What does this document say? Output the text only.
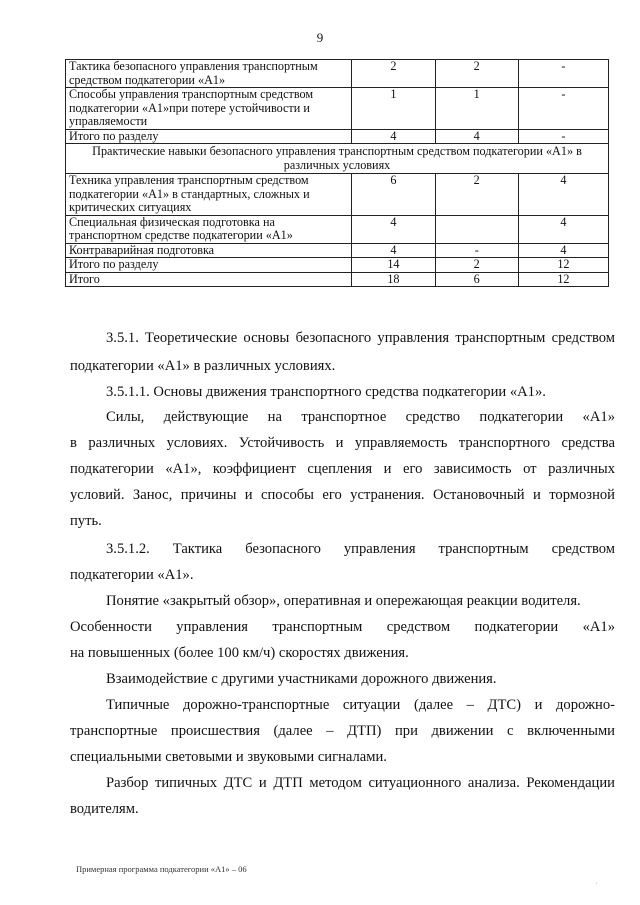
9
Тактика безопасного управления транспортным средством подкатегории «А1»	2	2	-
Способы управления транспортным средством подкатегории «А1»при потере устойчивости и управляемости	1	1	-
Итого по разделу	4	4	-
Практические навыки безопасного управления транспортным средством подкатегории «А1» в различных условиях			
Техника управления транспортным средством подкатегории «А1» в стандартных, сложных и критических ситуациях	6	2	4
Специальная физическая подготовка на транспортном средстве подкатегории «А1»	4		4
Контраварийная подготовка	4	-	4
Итого по разделу	14	2	12
Итого	18	6	12

3.5.1. Теоретические основы безопасного управления транспортным средством

подкатегории «А1» в различных условиях.

3.5.1.1. Основы движения транспортного средства подкатегории «А1».

Силы, действующие на транспортное средство подкатегории «А1»

в различных условиях. Устойчивость и управляемость транспортного средства

подкатегории «А1», коэффициент сцепления и его зависимость от различных

условий. Занос, причины и способы его устранения. Остановочный и тормозной

путь.

3.5.1.2. Тактика безопасного управления транспортным средством

подкатегории «А1».

Понятие «закрытый обзор», оперативная и опережающая реакции водителя.

Особенности управления транспортным средством подкатегории «А1»

на повышенных (более 100 км/ч) скоростях движения.

Взаимодействие с другими участниками дорожного движения.

Типичные дорожно-транспортные ситуации (далее – ДТС) и дорожно-

транспортные происшествия (далее – ДТП) при движении с включенными

специальными световыми и звуковыми сигналами.

Разбор типичных ДТС и ДТП методом ситуационного анализа. Рекомендации

водителям.

Примерная программа подкатегории «А1» – 06
·
